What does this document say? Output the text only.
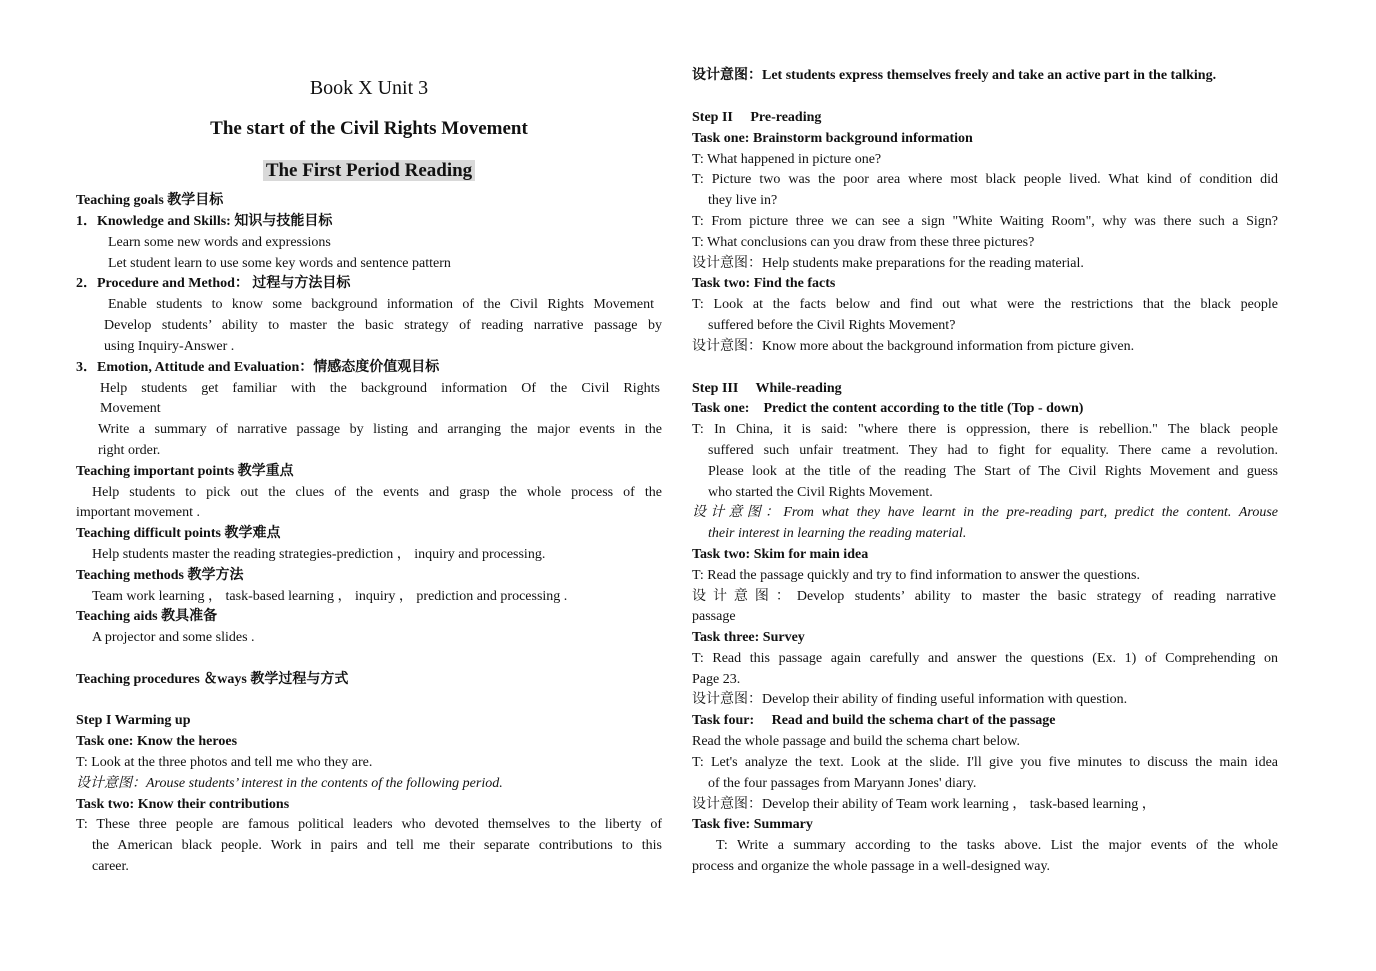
Book X Unit 3
The start of the Civil Rights Movement
The First Period Reading
Teaching goals 教学目标
1．Knowledge and Skills: 知识与技能目标
Learn some new words and expressions
Let student learn to use some key words and sentence pattern
2．Procedure and Method： 过程与方法目标
Enable students to know some background information of the Civil Rights Movement
Develop students’ ability to master the basic strategy of reading narrative passage by
using Inquiry-Answer .
3．Emotion, Attitude and Evaluation：情感态度价值观目标
Help students get familiar with the background information Of the Civil Rights
Movement
Write a summary of narrative passage by listing and arranging the major events in the
right order.
Teaching important points 教学重点
Help students to pick out the clues of the events and grasp the whole process of the
important movement .
Teaching difficult points 教学难点
Help students master the reading strategies-prediction ， inquiry and processing.
Teaching methods 教学方法
Team work learning ， task-based learning ， inquiry ， prediction and processing .
Teaching aids 教具准备
A projector and some slides .
Teaching procedures ＆ways 教学过程与方式
Step I Warming up
Task one: Know the heroes
T: Look at the three photos and tell me who they are.
设计意图：Arouse students’ interest in the contents of the following period.
Task two: Know their contributions
T: These three people are famous political leaders who devoted themselves to the liberty of
the American black people. Work in pairs and tell me their separate contributions to this
career.
设计意图：Let students express themselves freely and take an active part in the talking.
Step II　 Pre-reading
Task one: Brainstorm background information
T: What happened in picture one?
T: Picture two was the poor area where most black people lived. What kind of condition did
they live in?
T: From picture three we can see a sign "White Waiting Room", why was there such a Sign?
T: What conclusions can you draw from these three pictures?
设计意图：Help students make preparations for the reading material.
Task two: Find the facts
T: Look at the facts below and find out what were the restrictions that the black people
suffered before the Civil Rights Movement?
设计意图：Know more about the background information from picture given.
Step III　 While-reading
Task one:　Predict the content according to the title (Top - down)
T: In China, it is said: "where there is oppression, there is rebellion." The black people
suffered such unfair treatment. They had to fight for equality. There came a revolution.
Please look at the title of the reading The Start of The Civil Rights Movement and guess
who started the Civil Rights Movement.
设计意图：From what they have learnt in the pre-reading part, predict the content. Arouse
their interest in learning the reading material.
Task two: Skim for main idea
T: Read the passage quickly and try to find information to answer the questions.
设计意图：Develop students’ ability to master the basic strategy of reading narrative
passage
Task three: Survey
T: Read this passage again carefully and answer the questions (Ex. 1) of Comprehending on
Page 23.
设计意图：Develop their ability of finding useful information with question.
Task four:　 Read and build the schema chart of the passage
Read the whole passage and build the schema chart below.
T: Let's analyze the text. Look at the slide. I'll give you five minutes to discuss the main idea
of the four passages from Maryann Jones' diary.
设计意图：Develop their ability of Team work learning ， task-based learning ，
Task five: Summary
T: Write a summary according to the tasks above. List the major events of the whole
process and organize the whole passage in a well-designed way.
